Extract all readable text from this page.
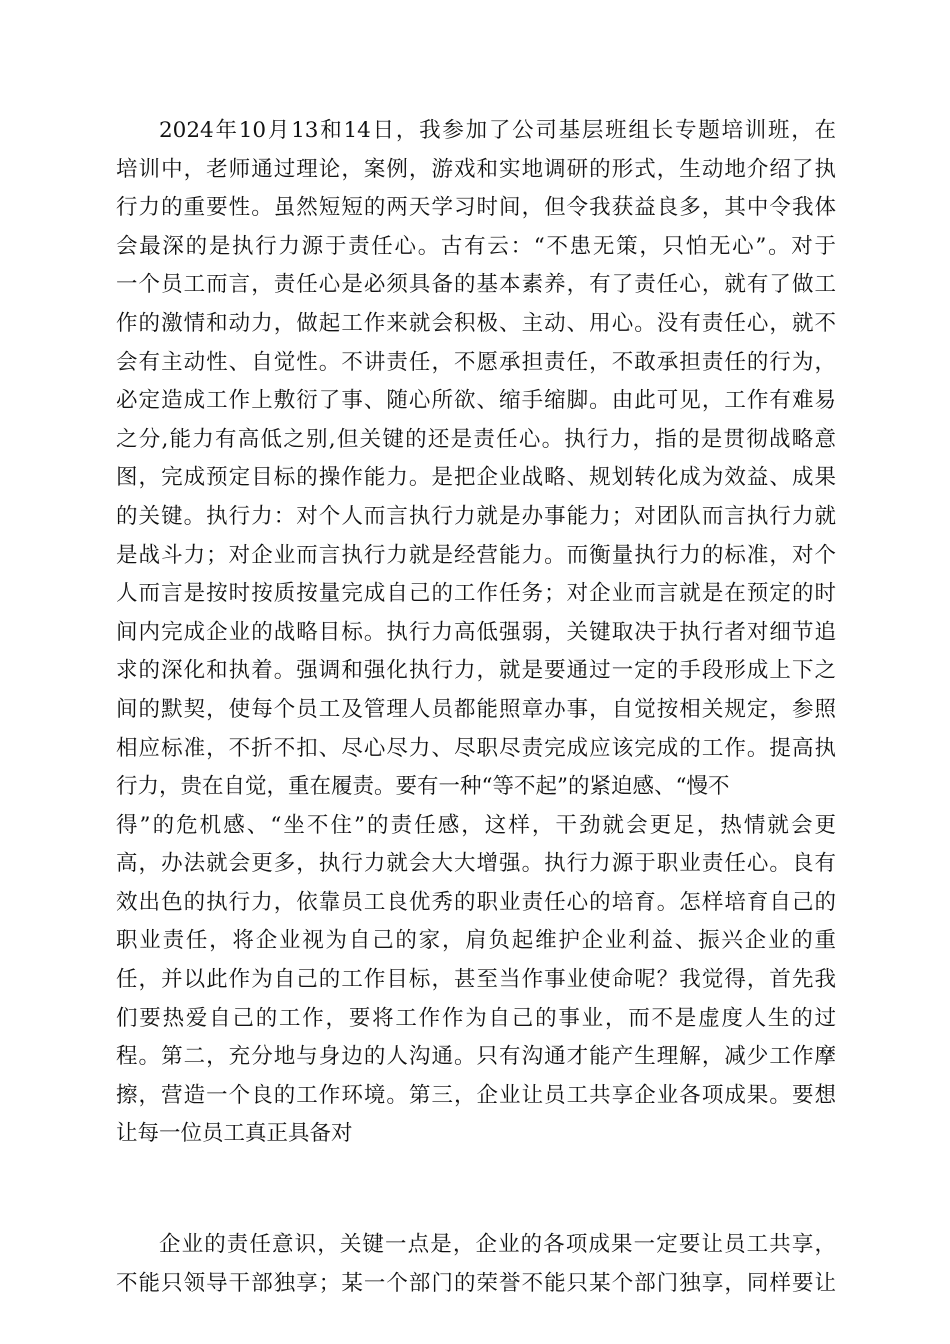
2024年10月13和14日，我参加了公司基层班组长专题培训班，在
培训中，老师通过理论，案例，游戏和实地调研的形式，生动地介绍了执
行力的重要性。虽然短短的两天学习时间，但令我获益良多，其中令我体
会最深的是执行力源于责任心。古有云：“不患无策，只怕无心”。对于
一个员工而言，责任心是必须具备的基本素养，有了责任心，就有了做工
作的激情和动力，做起工作来就会积极、主动、用心。没有责任心，就不
会有主动性、自觉性。不讲责任，不愿承担责任，不敢承担责任的行为，
必定造成工作上敷衍了事、随心所欲、缩手缩脚。由此可见，工作有难易
之分,能力有高低之别,但关键的还是责任心。执行力，指的是贯彻战略意
图，完成预定目标的操作能力。是把企业战略、规划转化成为效益、成果
的关键。执行力：对个人而言执行力就是办事能力；对团队而言执行力就
是战斗力；对企业而言执行力就是经营能力。而衡量执行力的标准，对个
人而言是按时按质按量完成自己的工作任务；对企业而言就是在预定的时
间内完成企业的战略目标。执行力高低强弱，关键取决于执行者对细节追
求的深化和执着。强调和强化执行力，就是要通过一定的手段形成上下之
间的默契，使每个员工及管理人员都能照章办事，自觉按相关规定，参照
相应标准，不折不扣、尽心尽力、尽职尽责完成应该完成的工作。提高执
行力，贵在自觉，重在履责。要有一种“等不起”的紧迫感、“慢不
得”的危机感、“坐不住”的责任感，这样，干劲就会更足，热情就会更
高，办法就会更多，执行力就会大大增强。执行力源于职业责任心。良有
效出色的执行力，依靠员工良优秀的职业责任心的培育。怎样培育自己的
职业责任，将企业视为自己的家，肩负起维护企业利益、振兴企业的重
任，并以此作为自己的工作目标，甚至当作事业使命呢？我觉得，首先我
们要热爱自己的工作，要将工作作为自己的事业，而不是虚度人生的过
程。第二，充分地与身边的人沟通。只有沟通才能产生理解，减少工作摩
擦，营造一个良的工作环境。第三，企业让员工共享企业各项成果。要想
让每一位员工真正具备对
企业的责任意识，关键一点是，企业的各项成果一定要让员工共享，
不能只领导干部独享；某一个部门的荣誉不能只某个部门独享，同样要让
